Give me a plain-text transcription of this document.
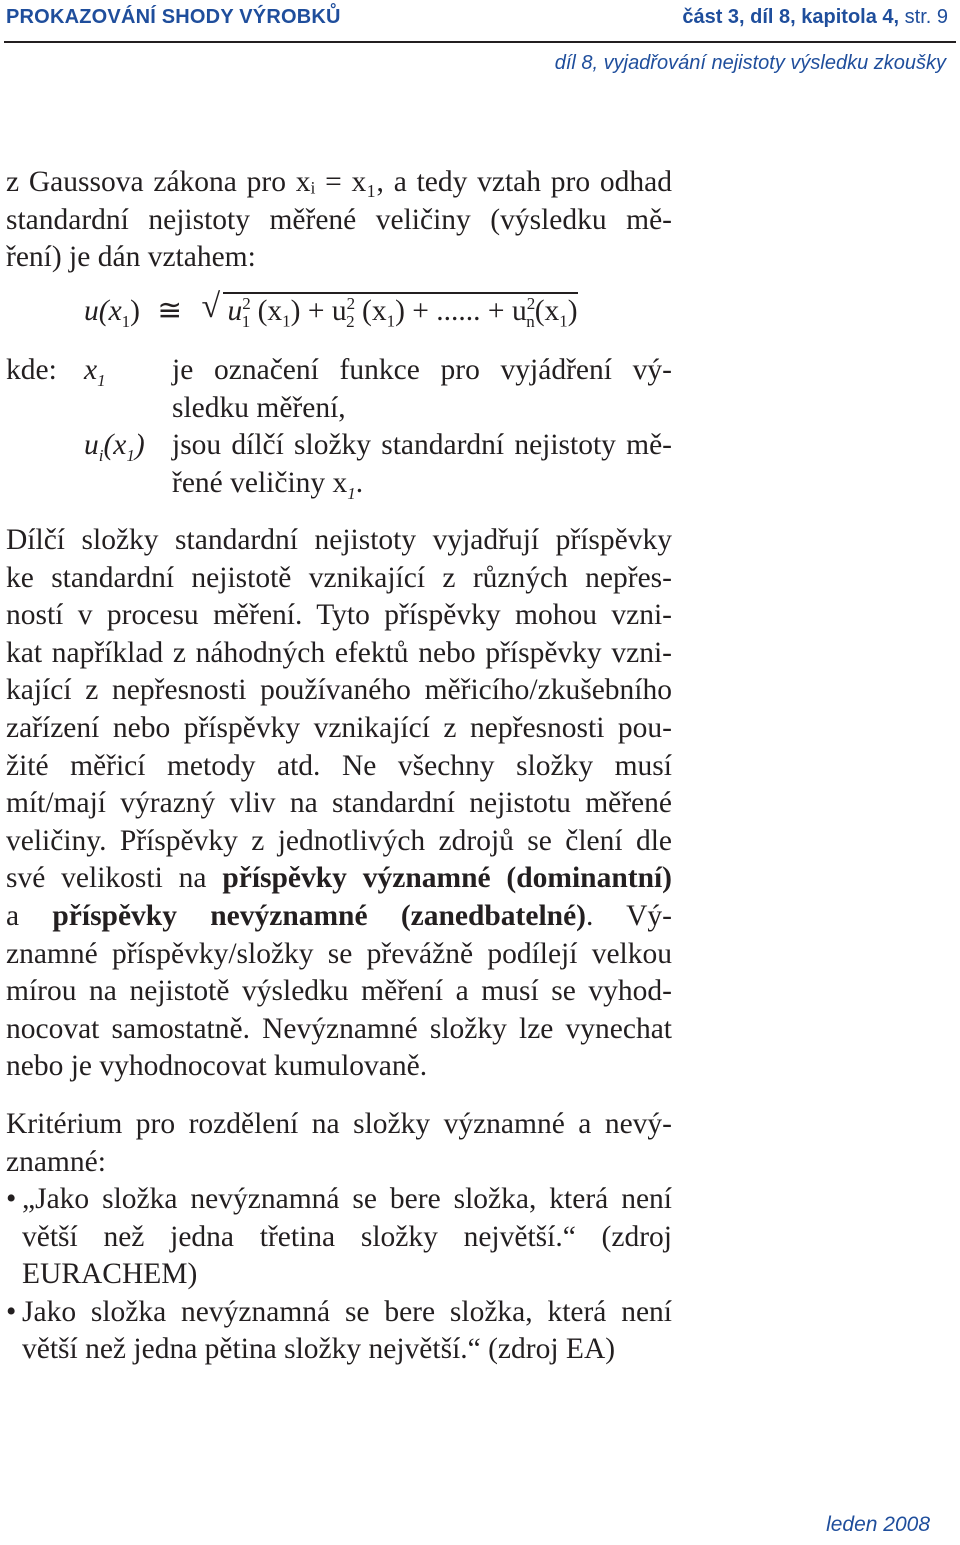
PROKAZOVÁNÍ SHODY VÝROBKŮ	část 3, díl 8, kapitola 4, str. 9
díl 8, vyjadřování nejistoty výsledku zkoušky
z Gaussova zákona pro xᵢ = x₁, a tedy vztah pro odhad
standardní nejistoty měřené veličiny (výsledku mě-
ření) je dán vztahem:
$u(x_1)$ ≅ √ $u^2_1$ $(x_1) + u^2_2$ $(x_1)$ + ...... + $u^2_n(x_1)$
kde: $x_1$ je označení funkce pro vyjádření vý-
sledku měření,
$u_i(x_1)$ jsou dílčí složky standardní nejistoty mě-
řené veličiny $x_1$.
Dílčí složky standardní nejistoty vyjadřují příspěvky
ke standardní nejistotě vznikající z různých nepřes-
ností v procesu měření. Tyto příspěvky mohou vzni-
kat například z náhodných efektů nebo příspěvky vzni-
kající z nepřesnosti používaného měřicího/zkušebního
zařízení nebo příspěvky vznikající z nepřesnosti pou-
žité měřicí metody atd. Ne všechny složky musí
mít/mají výrazný vliv na standardní nejistotu měřené
veličiny. Příspěvky z jednotlivých zdrojů se člení dle
své velikosti na příspěvky významné (dominantní)
a příspěvky nevýznamné (zanedbatelné). Vý-
znamné příspěvky/složky se převážně podílejí velkou
mírou na nejistotě výsledku měření a musí se vyhod-
nocovat samostatně. Nevýznamné složky lze vynechat
nebo je vyhodnocovat kumulovaně.
Kritérium pro rozdělení na složky významné a nevý-
znamné:
• „Jako složka nevýznamná se bere složka, která není
větší než jedna třetina složky největší.“ (zdroj
EURACHEM)
• Jako složka nevýznamná se bere složka, která není
větší než jedna pětina složky největší.“ (zdroj EA)
leden 2008
